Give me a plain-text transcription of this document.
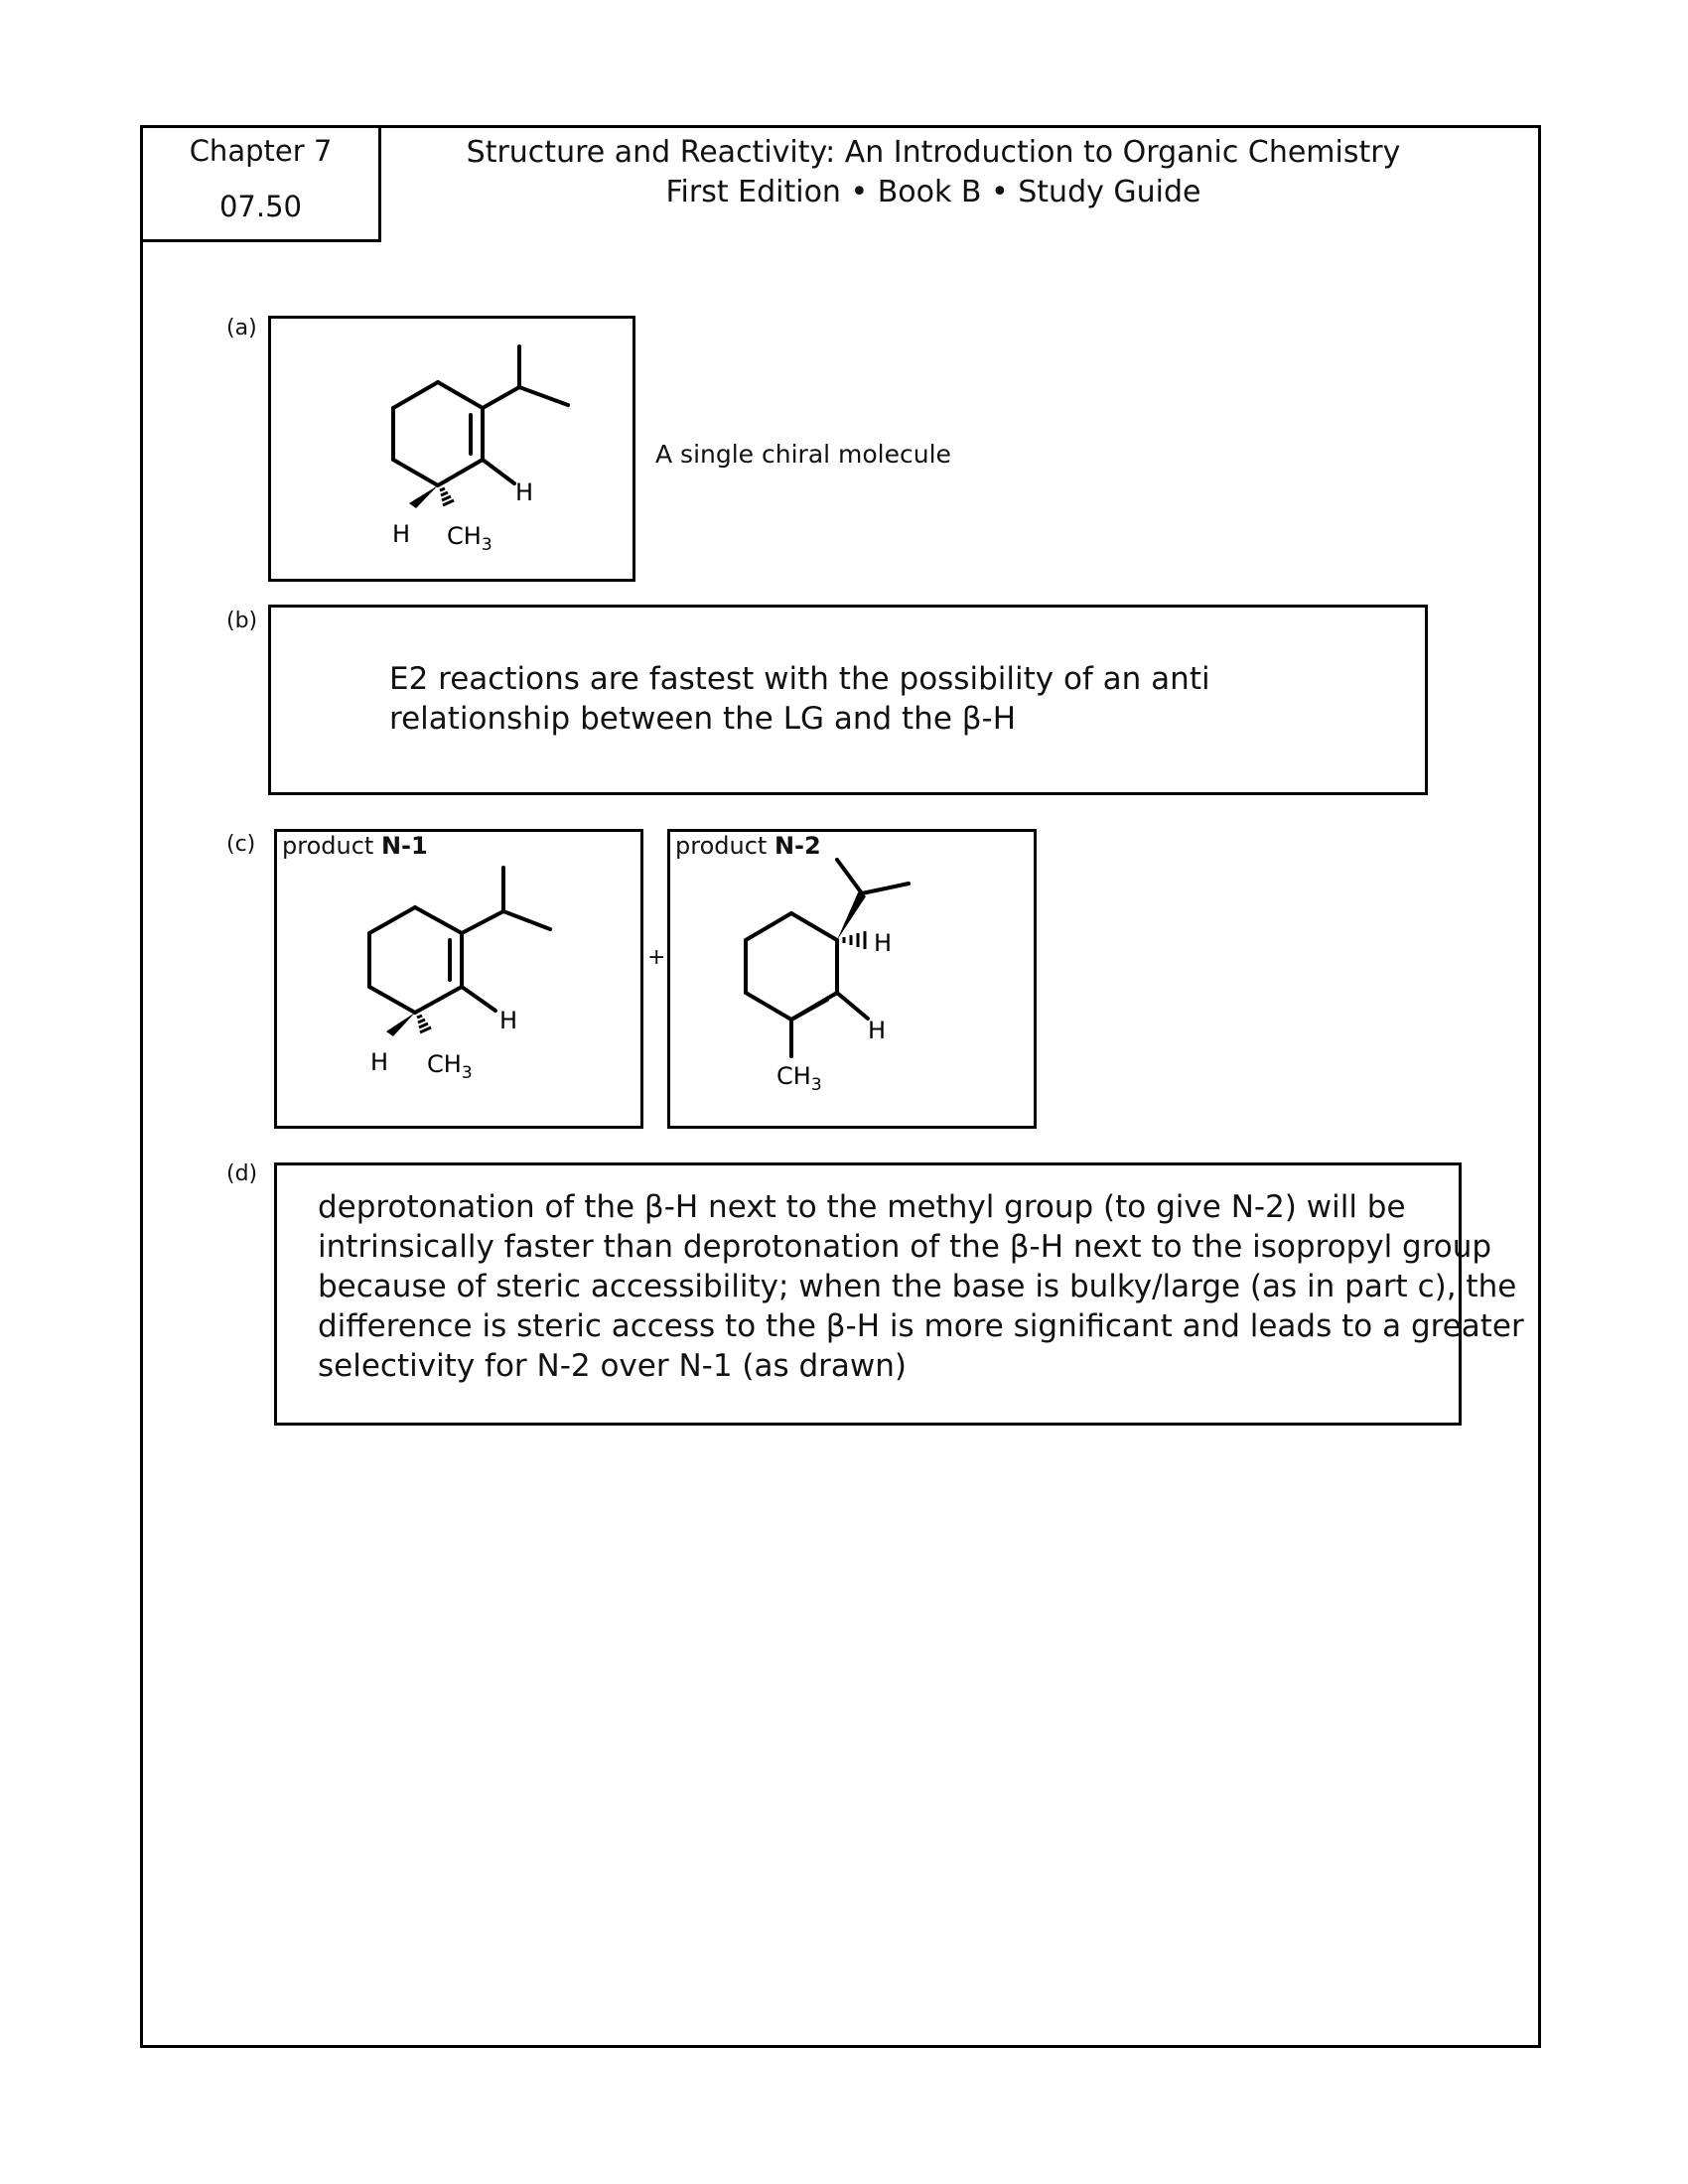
Chapter 7
07.50
Structure and Reactivity: An Introduction to Organic Chemistry
First Edition • Book B • Study Guide
(a)
H
H $CH_3$
A single chiral molecule
(b)
E2 reactions are fastest with the possibility of an anti
relationship between the LG and the β-H
(c) product N-1	product N-2
+
H
H $CH_3$
H
H
$CH_3$
(d)
deprotonation of the β-H next to the methyl group (to give N-2) will be
intrinsically faster than deprotonation of the β-H next to the isopropyl group
because of steric accessibility; when the base is bulky/large (as in part c), the
difference is steric access to the β-H is more significant and leads to a greater
selectivity for N-2 over N-1 (as drawn)
